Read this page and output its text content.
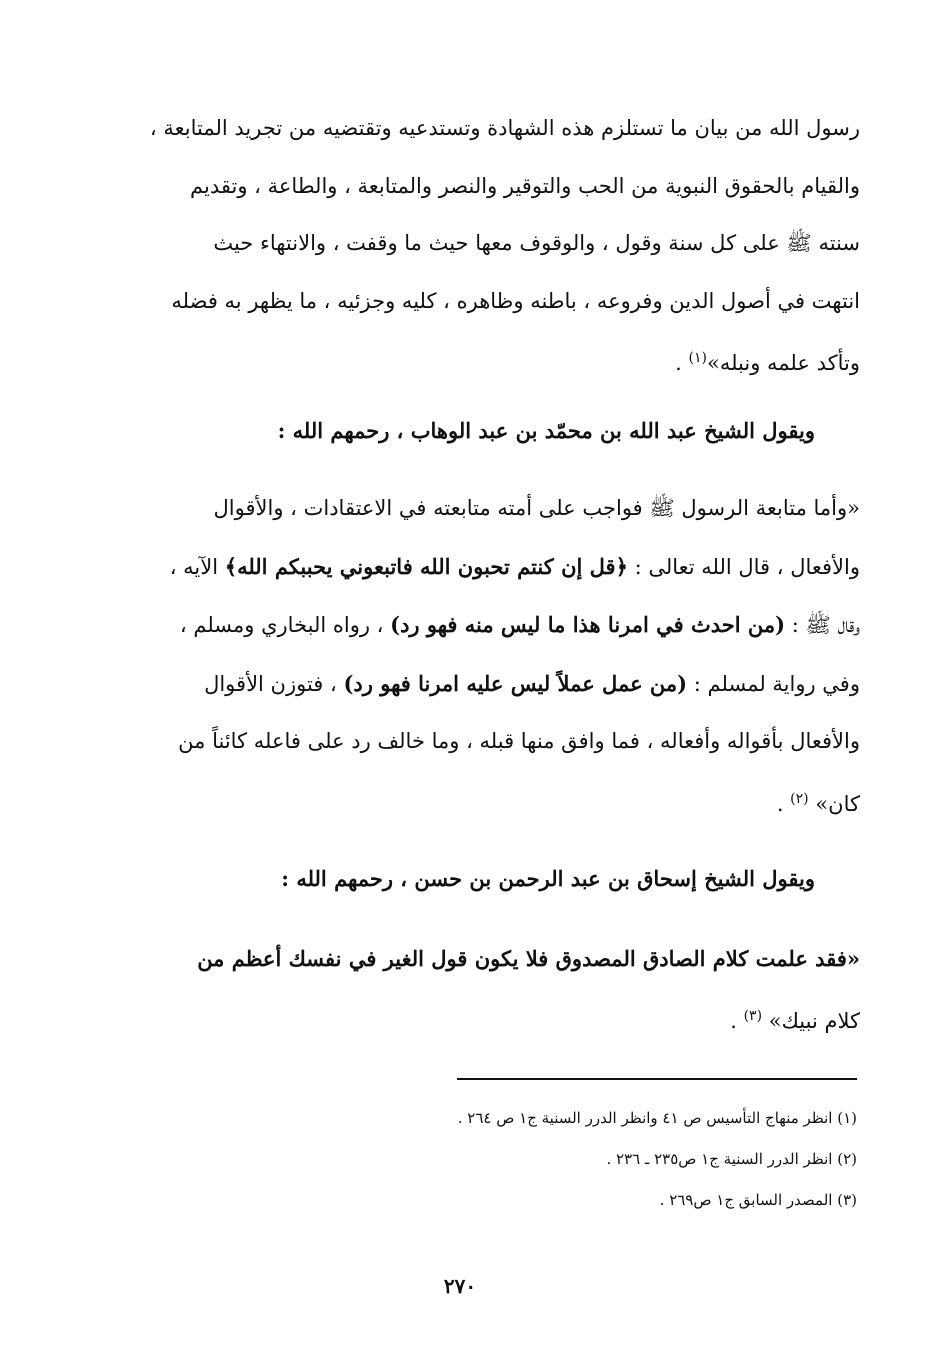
رسول الله من بيان ما تستلزم هذه الشهادة وتستدعيه وتقتضيه من تجريد المتابعة ،
والقيام بالحقوق النبوية من الحب والتوقير والنصر والمتابعة ، والطاعة ، وتقديم
سنته ﷺ على كل سنة وقول ، والوقوف معها حيث ما وقفت ، والانتهاء حيث
انتهت في أصول الدين وفروعه ، باطنه وظاهره ، كليه وجزئيه ، ما يظهر به فضله
وتأكد علمه ونبله»$^{(١)}$ .
ويقول الشيخ عبد الله بن محمّد بن عبد الوهاب ، رحمهم الله :
«وأما متابعة الرسول ﷺ فواجب على أمته متابعته في الاعتقادات ، والأقوال
والأفعال ، قال الله تعالى : ﴿قل إن كنتم تحبون الله فاتبعوني يحببكم الله﴾ الآيه ،
وقال ﷺ : (من احدث في امرنا هذا ما ليس منه فهو رد) ، رواه البخاري ومسلم ،
وفي رواية لمسلم : (من عمل عملاً ليس عليه امرنا فهو رد) ، فتوزن الأقوال
والأفعال بأقواله وأفعاله ، فما وافق منها قبله ، وما خالف رد على فاعله كائناً من
كان» $^{(٢)}$ .
ويقول الشيخ إسحاق بن عبد الرحمن بن حسن ، رحمهم الله :
«فقد علمت كلام الصادق المصدوق فلا يكون قول الغير في نفسك أعظم من
كلام نبيك» $^{(٣)}$ .
(١) انظر منهاج التأسيس ص ٤١ وانظر الدرر السنية ج١ ص ٢٦٤ .
(٢) انظر الدرر السنية ج١ ص٢٣٥ ـ ٢٣٦ .
(٣) المصدر السابق ج١ ص٢٦٩ .
٢٧٠
